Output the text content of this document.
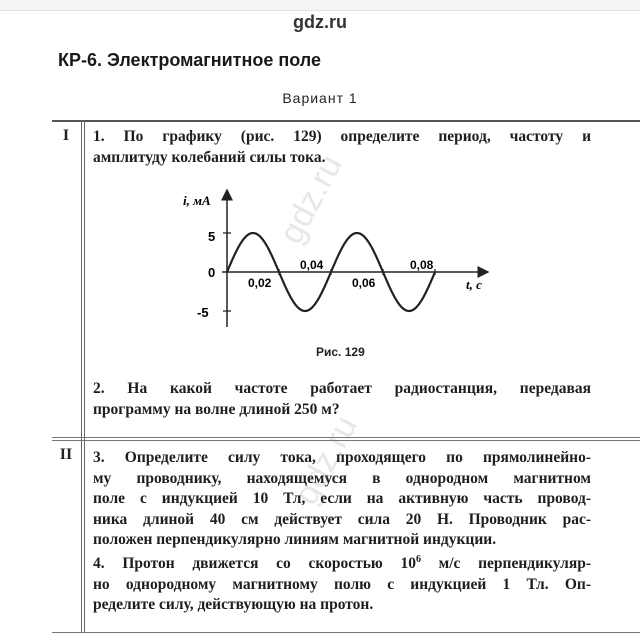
gdz.ru
КР-6. Электромагнитное поле
Вариант 1
I
II
1. По графику (рис. 129) определите период, частоту и
амплитуду колебаний силы тока.
i, мА
t, с
5
0
-5
0,02
0,04
0,06
0,08
Рис. 129
2. На какой частоте работает радиостанция, передавая
программу на волне длиной 250 м?
3. Определите силу тока, проходящего по прямолинейно-
му проводнику, находящемуся в однородном магнитном
поле с индукцией 10 Тл, если на активную часть провод-
ника длиной 40 см действует сила 20 Н. Проводник рас-
положен перпендикулярно линиям магнитной индукции.
4. Протон движется со скоростью $10^6$ м/с перпендикуляр-
но однородному магнитному полю с индукцией 1 Тл. Оп-
ределите силу, действующую на протон.
gdz.ru
gdz.ru
